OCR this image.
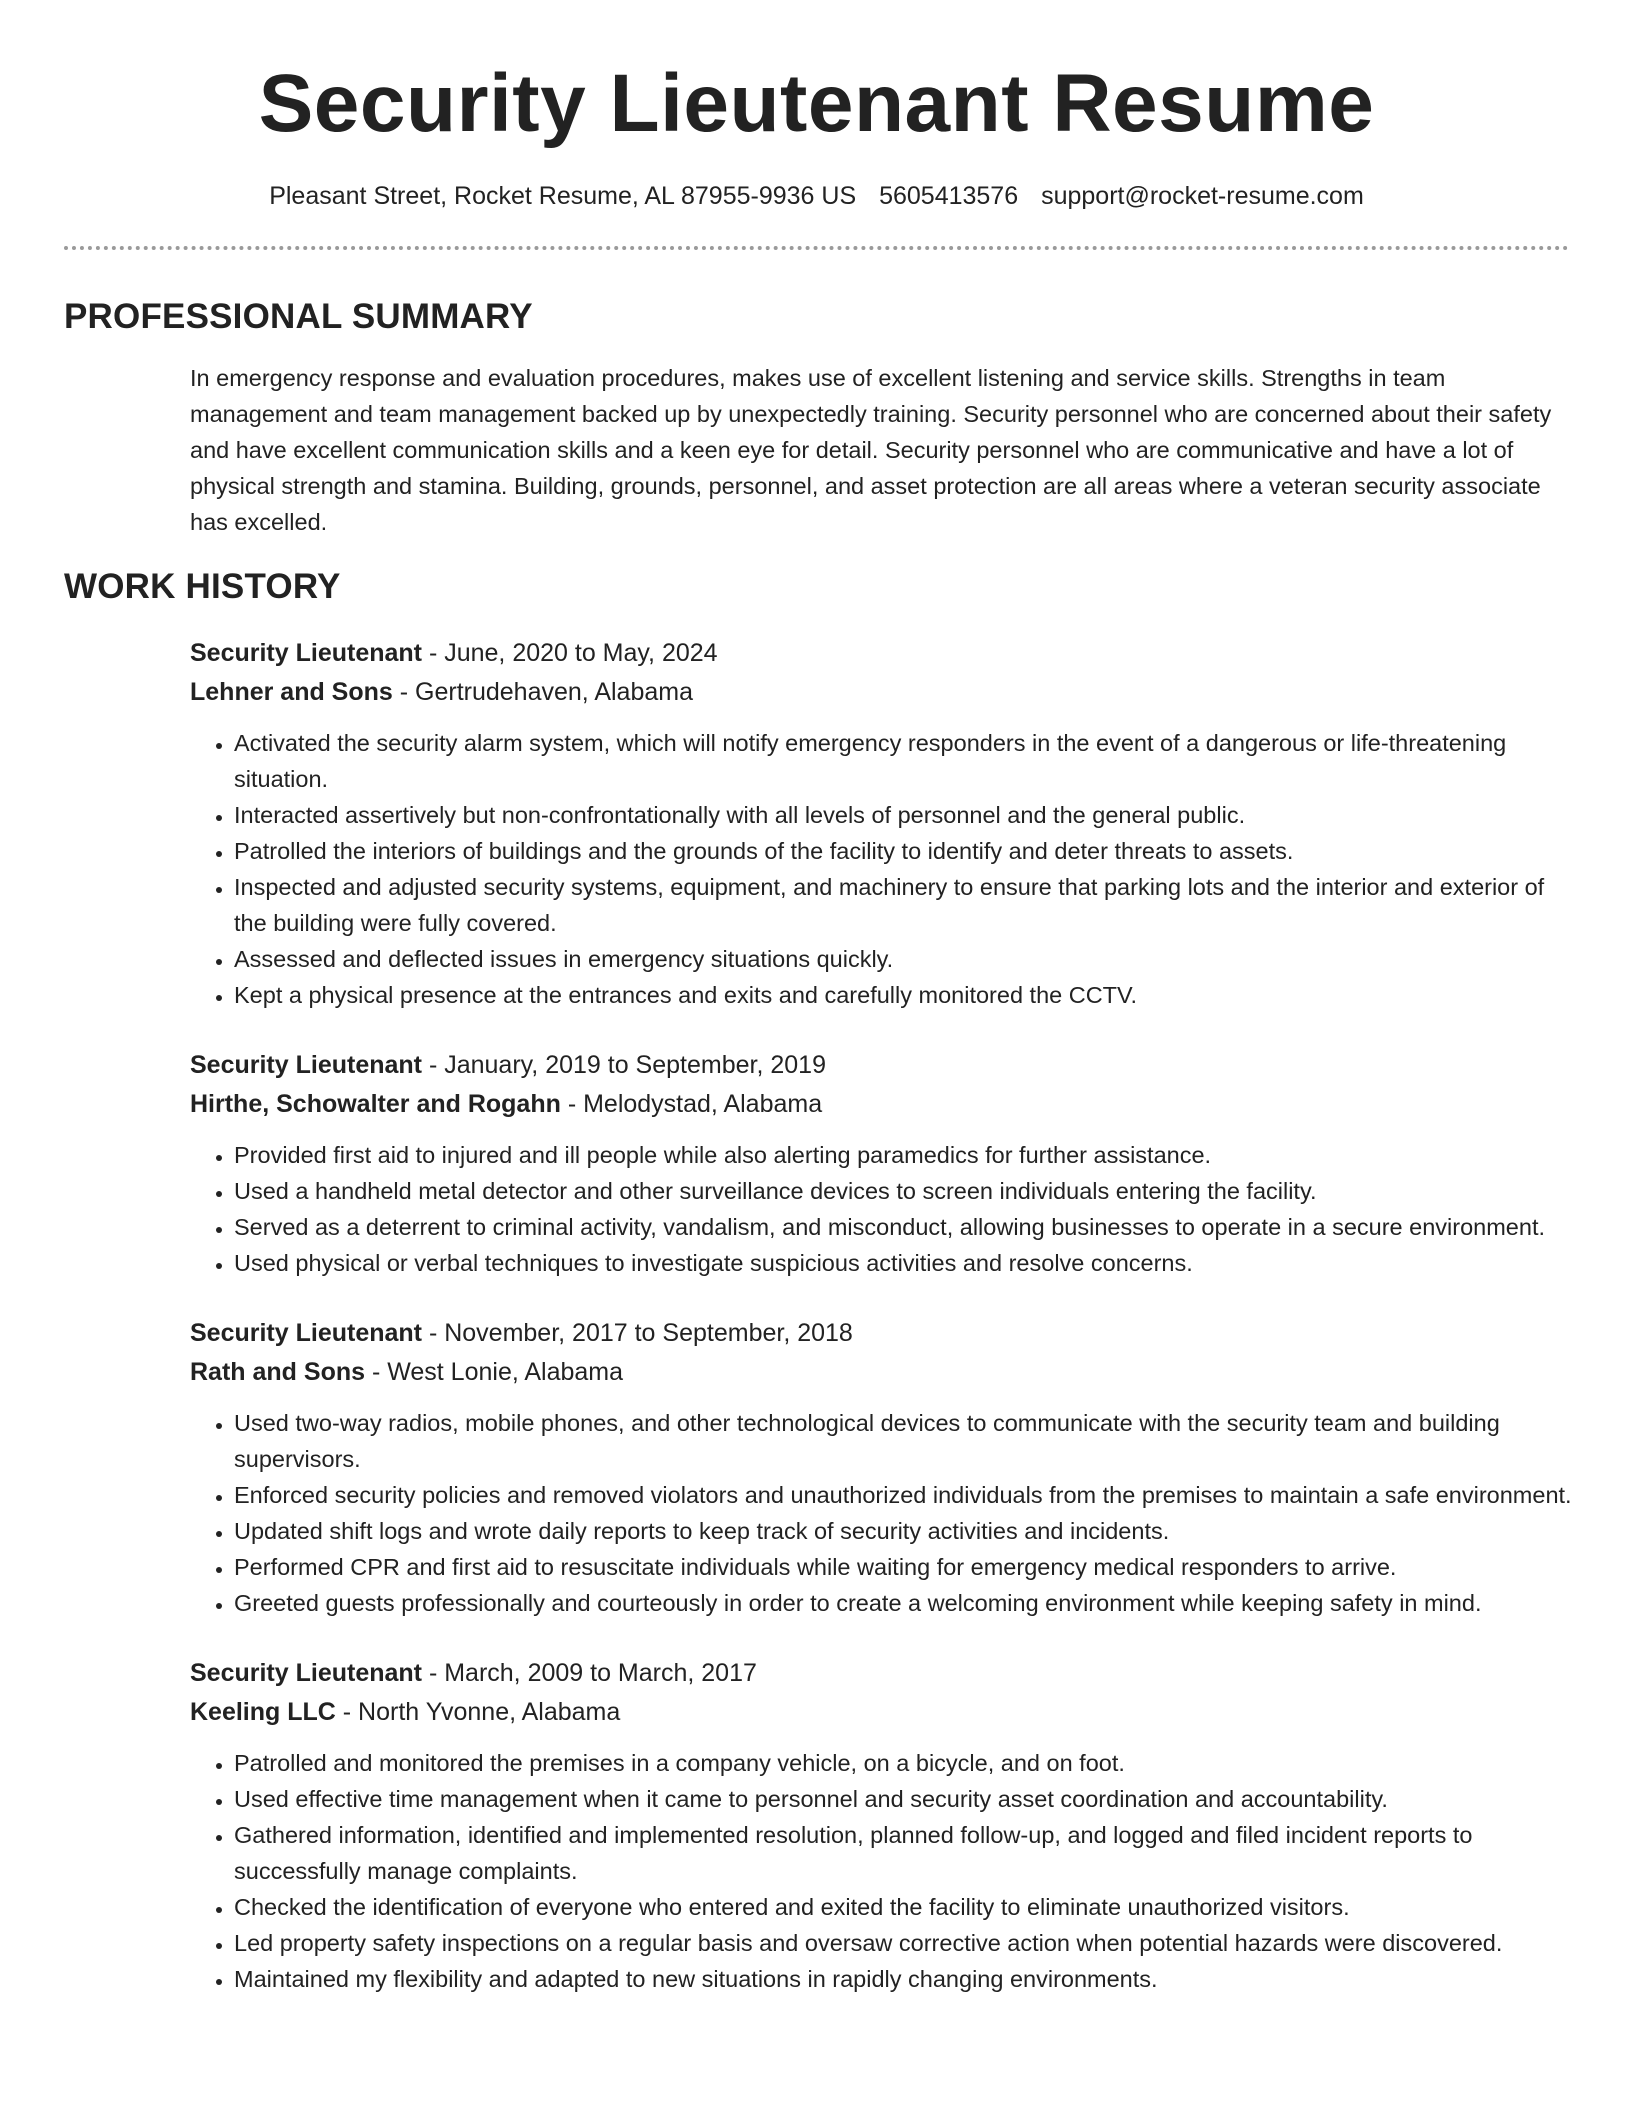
Security Lieutenant Resume
Pleasant Street, Rocket Resume, AL 87955-9936 US 5605413576 support@rocket-resume.com
PROFESSIONAL SUMMARY
In emergency response and evaluation procedures, makes use of excellent listening and service skills. Strengths in team management and team management backed up by unexpectedly training. Security personnel who are concerned about their safety and have excellent communication skills and a keen eye for detail. Security personnel who are communicative and have a lot of physical strength and stamina. Building, grounds, personnel, and asset protection are all areas where a veteran security associate has excelled.
WORK HISTORY
Security Lieutenant - June, 2020 to May, 2024
Lehner and Sons - Gertrudehaven, Alabama
• Activated the security alarm system, which will notify emergency responders in the event of a dangerous or life-threatening situation.
• Interacted assertively but non-confrontationally with all levels of personnel and the general public.
• Patrolled the interiors of buildings and the grounds of the facility to identify and deter threats to assets.
• Inspected and adjusted security systems, equipment, and machinery to ensure that parking lots and the interior and exterior of the building were fully covered.
• Assessed and deflected issues in emergency situations quickly.
• Kept a physical presence at the entrances and exits and carefully monitored the CCTV.
Security Lieutenant - January, 2019 to September, 2019
Hirthe, Schowalter and Rogahn - Melodystad, Alabama
• Provided first aid to injured and ill people while also alerting paramedics for further assistance.
• Used a handheld metal detector and other surveillance devices to screen individuals entering the facility.
• Served as a deterrent to criminal activity, vandalism, and misconduct, allowing businesses to operate in a secure environment.
• Used physical or verbal techniques to investigate suspicious activities and resolve concerns.
Security Lieutenant - November, 2017 to September, 2018
Rath and Sons - West Lonie, Alabama
• Used two-way radios, mobile phones, and other technological devices to communicate with the security team and building supervisors.
• Enforced security policies and removed violators and unauthorized individuals from the premises to maintain a safe environment.
• Updated shift logs and wrote daily reports to keep track of security activities and incidents.
• Performed CPR and first aid to resuscitate individuals while waiting for emergency medical responders to arrive.
• Greeted guests professionally and courteously in order to create a welcoming environment while keeping safety in mind.
Security Lieutenant - March, 2009 to March, 2017
Keeling LLC - North Yvonne, Alabama
• Patrolled and monitored the premises in a company vehicle, on a bicycle, and on foot.
• Used effective time management when it came to personnel and security asset coordination and accountability.
• Gathered information, identified and implemented resolution, planned follow-up, and logged and filed incident reports to successfully manage complaints.
• Checked the identification of everyone who entered and exited the facility to eliminate unauthorized visitors.
• Led property safety inspections on a regular basis and oversaw corrective action when potential hazards were discovered.
• Maintained my flexibility and adapted to new situations in rapidly changing environments.
